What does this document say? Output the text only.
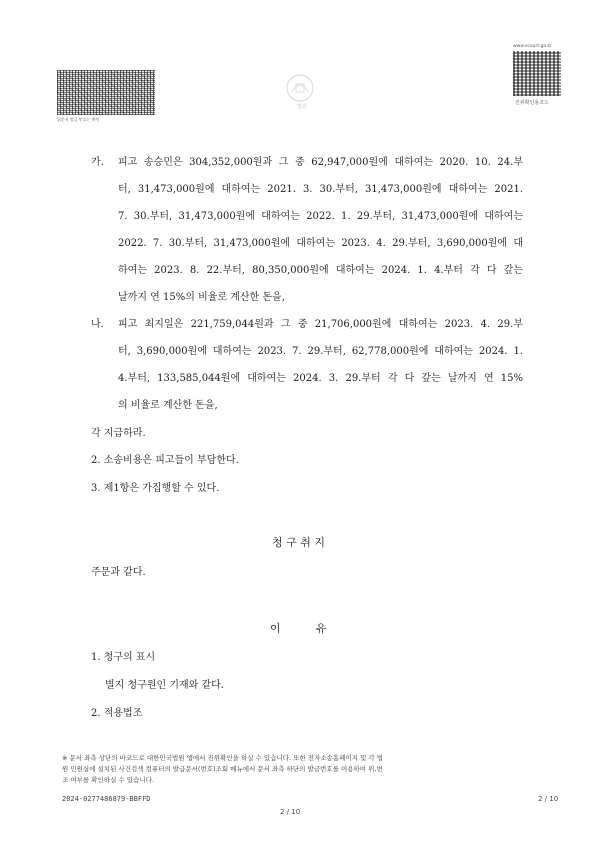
위문서 발급 번호는 확인
법원
www.scourt.go.kr
진위확인용코드
가. 피고 송승민은 304,352,000원과 그 중 62,947,000원에 대하여는 2020. 10. 24.부
터, 31,473,000원에 대하여는 2021. 3. 30.부터, 31,473,000원에 대하여는 2021.
7. 30.부터, 31,473,000원에 대하여는 2022. 1. 29.부터, 31,473,000원에 대하여는
2022. 7. 30.부터, 31,473,000원에 대하여는 2023. 4. 29.부터, 3,690,000원에 대
하여는 2023. 8. 22.부터, 80,350,000원에 대하여는 2024. 1. 4.부터 각 다 갚는
날까지 연 15%의 비율로 계산한 돈을,
나. 피고 최지일은 221,759,044원과 그 중 21,706,000원에 대하여는 2023. 4. 29.부
터, 3,690,000원에 대하여는 2023. 7. 29.부터, 62,778,000원에 대하여는 2024. 1.
4.부터, 133,585,044원에 대하여는 2024. 3. 29.부터 각 다 갚는 날까지 연 15%
의 비율로 계산한 돈을,
각 지급하라.
2. 소송비용은 피고들이 부담한다.
3. 제1항은 가집행할 수 있다.
청 구 취 지
주문과 같다.
이          유
1. 청구의 표시
별지 청구원인 기재와 같다.
2. 적용법조
※ 문서 좌측 상단의 바코드로 대한민국법원 앱에서 진위확인을 하실 수 있습니다. 또한 전자소송홈페이지 및 각 법
원 민원실에 설치된 사건검색 컴퓨터의 발급문서(번호)조회 메뉴에서 문서 좌측 하단의 발급번호를 이용하여 위,변
조 여부를 확인하실 수 있습니다.
2024-0277486879-BBFFD
2 / 10
2 / 10
